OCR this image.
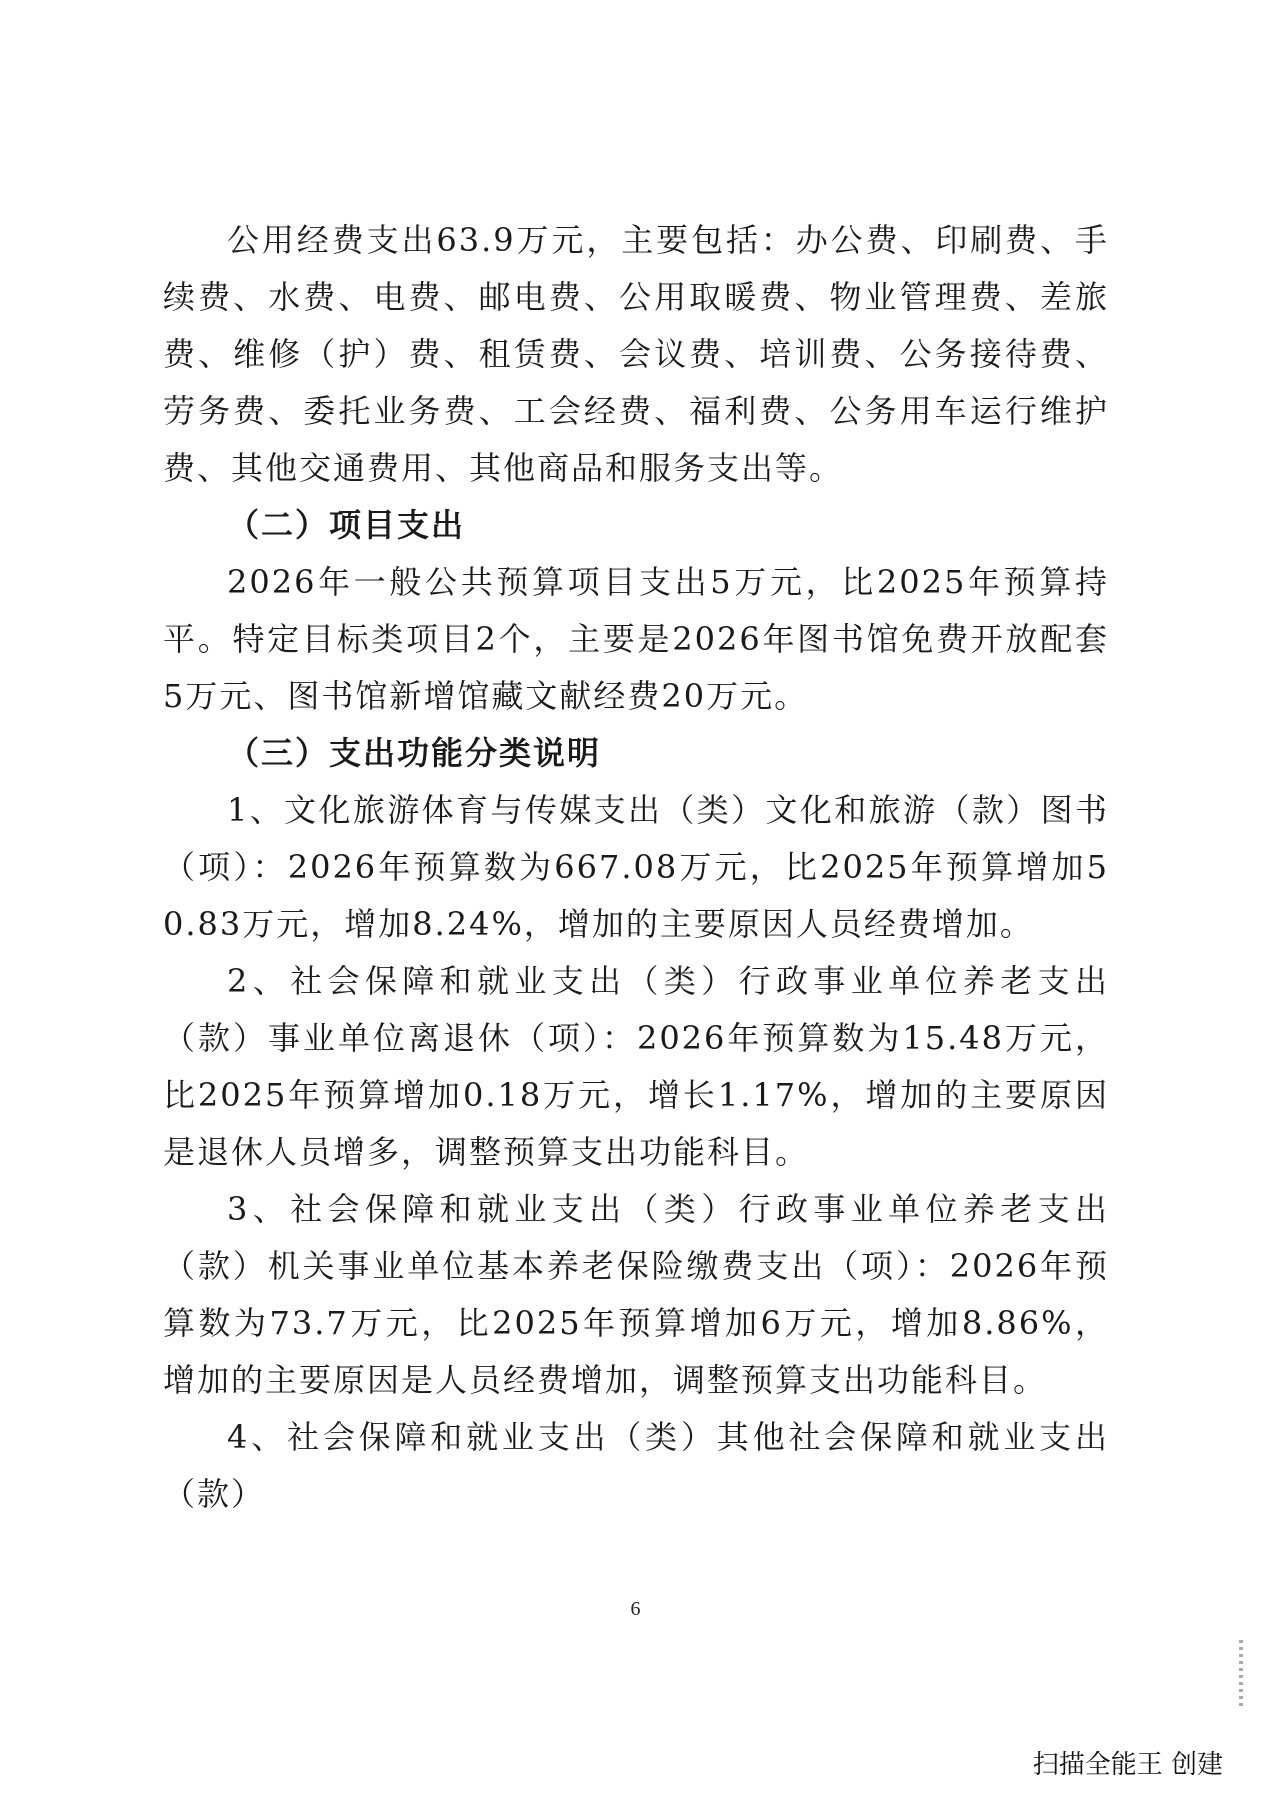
公用经费支出63.9万元，主要包括：办公费、印刷费、手续费、水费、电费、邮电费、公用取暖费、物业管理费、差旅费、维修（护）费、租赁费、会议费、培训费、公务接待费、劳务费、委托业务费、工会经费、福利费、公务用车运行维护费、其他交通费用、其他商品和服务支出等。

（二）项目支出

2026年一般公共预算项目支出5万元，比2025年预算持平。特定目标类项目2个，主要是2026年图书馆免费开放配套5万元、图书馆新增馆藏文献经费20万元。

（三）支出功能分类说明

1、文化旅游体育与传媒支出（类）文化和旅游（款）图书（项）：2026年预算数为667.08万元，比2025年预算增加50.83万元，增加8.24%，增加的主要原因人员经费增加。

2、社会保障和就业支出（类）行政事业单位养老支出（款）事业单位离退休（项）：2026年预算数为15.48万元，比2025年预算增加0.18万元，增长1.17%，增加的主要原因是退休人员增多，调整预算支出功能科目。

3、社会保障和就业支出（类）行政事业单位养老支出（款）机关事业单位基本养老保险缴费支出（项）：2026年预算数为73.7万元，比2025年预算增加6万元，增加8.86%，增加的主要原因是人员经费增加，调整预算支出功能科目。

4、社会保障和就业支出（类）其他社会保障和就业支出（款）

6
扫描全能王 创建
